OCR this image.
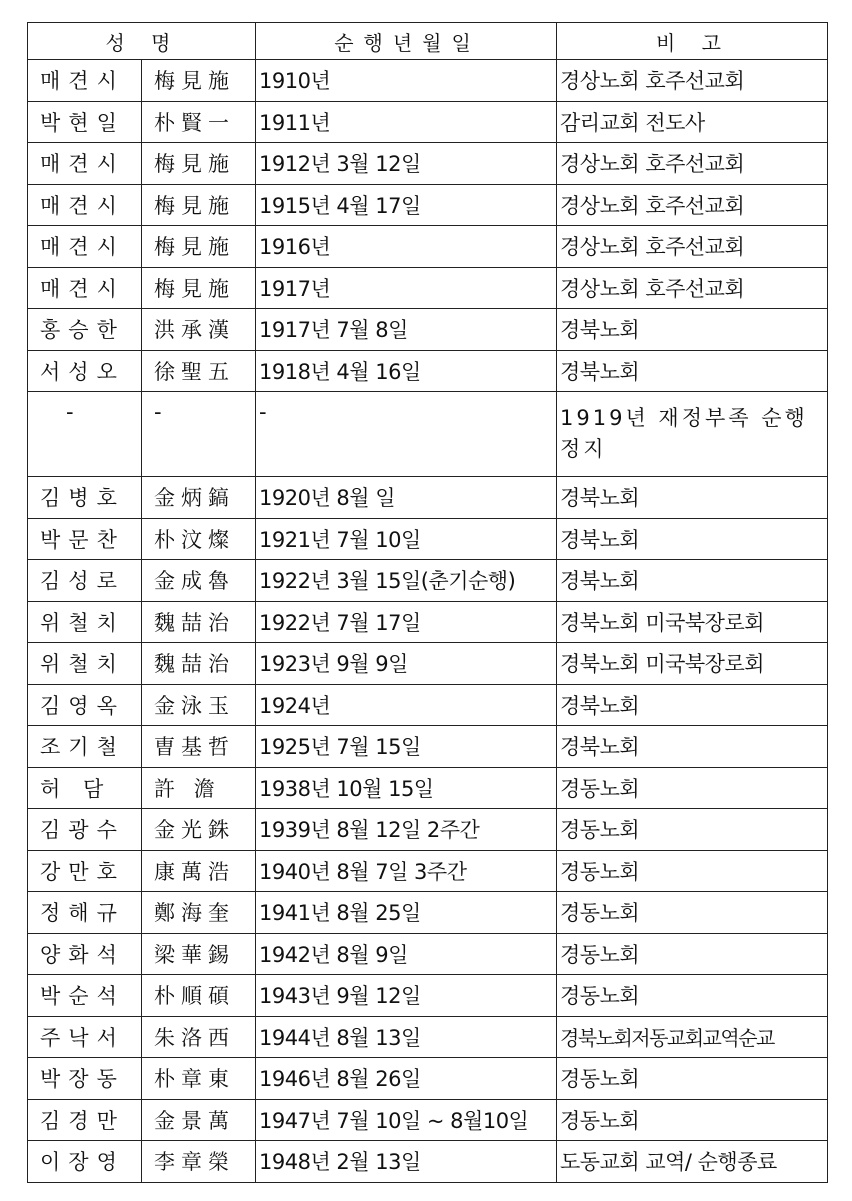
성 명		순행년월일	비 고
매견시	梅見施	1910년	경상노회 호주선교회
박현일	朴賢一	1911년	감리교회 전도사
매견시	梅見施	1912년 3월 12일	경상노회 호주선교회
매견시	梅見施	1915년 4월 17일	경상노회 호주선교회
매견시	梅見施	1916년	경상노회 호주선교회
매견시	梅見施	1917년	경상노회 호주선교회
홍승한	洪承漢	1917년 7월 8일	경북노회
서성오	徐聖五	1918년 4월 16일	경북노회
-	-	-	1919년 재정부족 순행정지
김병호	金炳鎬	1920년 8월 일	경북노회
박문찬	朴汶燦	1921년 7월 10일	경북노회
김성로	金成魯	1922년 3월 15일(춘기순행)	경북노회
위철치	魏喆治	1922년 7월 17일	경북노회 미국북장로회
위철치	魏喆治	1923년 9월 9일	경북노회 미국북장로회
김영옥	金泳玉	1924년	경북노회
조기철	曺基哲	1925년 7월 15일	경북노회
허 담	許 澹	1938년 10월 15일	경동노회
김광수	金光銖	1939년 8월 12일 2주간	경동노회
강만호	康萬浩	1940년 8월 7일 3주간	경동노회
정해규	鄭海奎	1941년 8월 25일	경동노회
양화석	梁華錫	1942년 8월 9일	경동노회
박순석	朴順碩	1943년 9월 12일	경동노회
주낙서	朱洛西	1944년 8월 13일	경북노회저동교회교역순교
박장동	朴章東	1946년 8월 26일	경동노회
김경만	金景萬	1947년 7월 10일 ~ 8월10일	경동노회
이장영	李章榮	1948년 2월 13일	도동교회 교역/ 순행종료
